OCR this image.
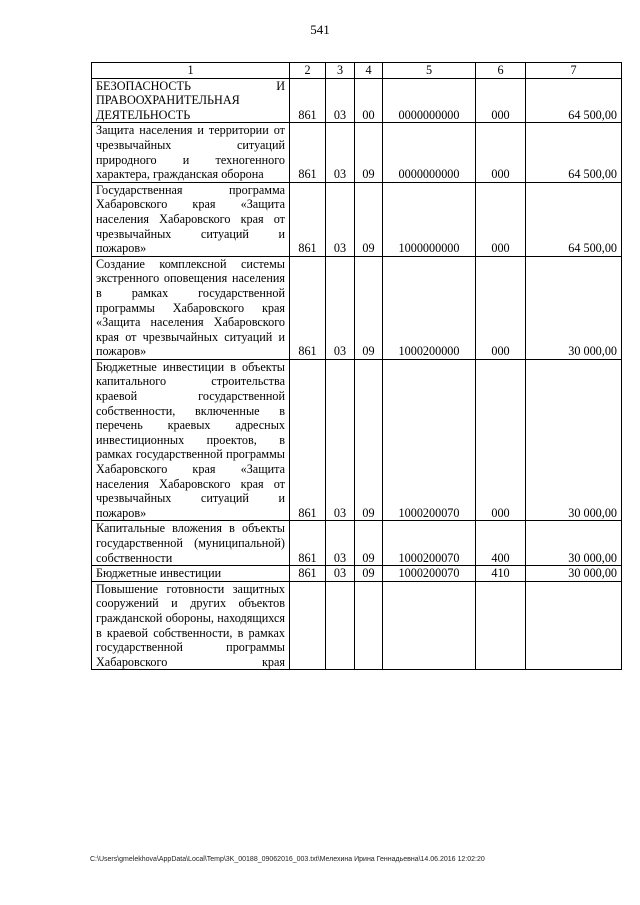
541
1	2	3	4	5	6	7
БЕЗОПАСНОСТЬ И ПРАВООХРАНИТЕЛЬНАЯ ДЕЯТЕЛЬНОСТЬ	861	03	00	0000000000	000	64 500,00
Защита населения и территории от чрезвычайных ситуаций природного и техногенного характера, гражданская оборона	861	03	09	0000000000	000	64 500,00
Государственная программа Хабаровского края «Защита населения Хабаровского края от чрезвычайных ситуаций и пожаров»	861	03	09	1000000000	000	64 500,00
Создание комплексной системы экстренного оповещения населения в рамках государственной программы Хабаровского края «Защита населения Хабаровского края от чрезвычайных ситуаций и пожаров»	861	03	09	1000200000	000	30 000,00
Бюджетные инвестиции в объекты капитального строительства краевой государственной собственности, включенные в перечень краевых адресных инвестиционных проектов, в рамках государственной программы Хабаровского края «Защита населения Хабаровского края от чрезвычайных ситуаций и пожаров»	861	03	09	1000200070	000	30 000,00
Капитальные вложения в объекты государственной (муниципальной) собственности	861	03	09	1000200070	400	30 000,00
Бюджетные инвестиции	861	03	09	1000200070	410	30 000,00
Повышение готовности защитных сооружений и других объектов гражданской обороны, находящихся в краевой собственности, в рамках государственной программы Хабаровского края						
C:\Users\gmelekhova\AppData\Local\Temp\3K_00188_09062016_003.txt\Мелехина Ирина Геннадьевна\14.06.2016 12:02:20
